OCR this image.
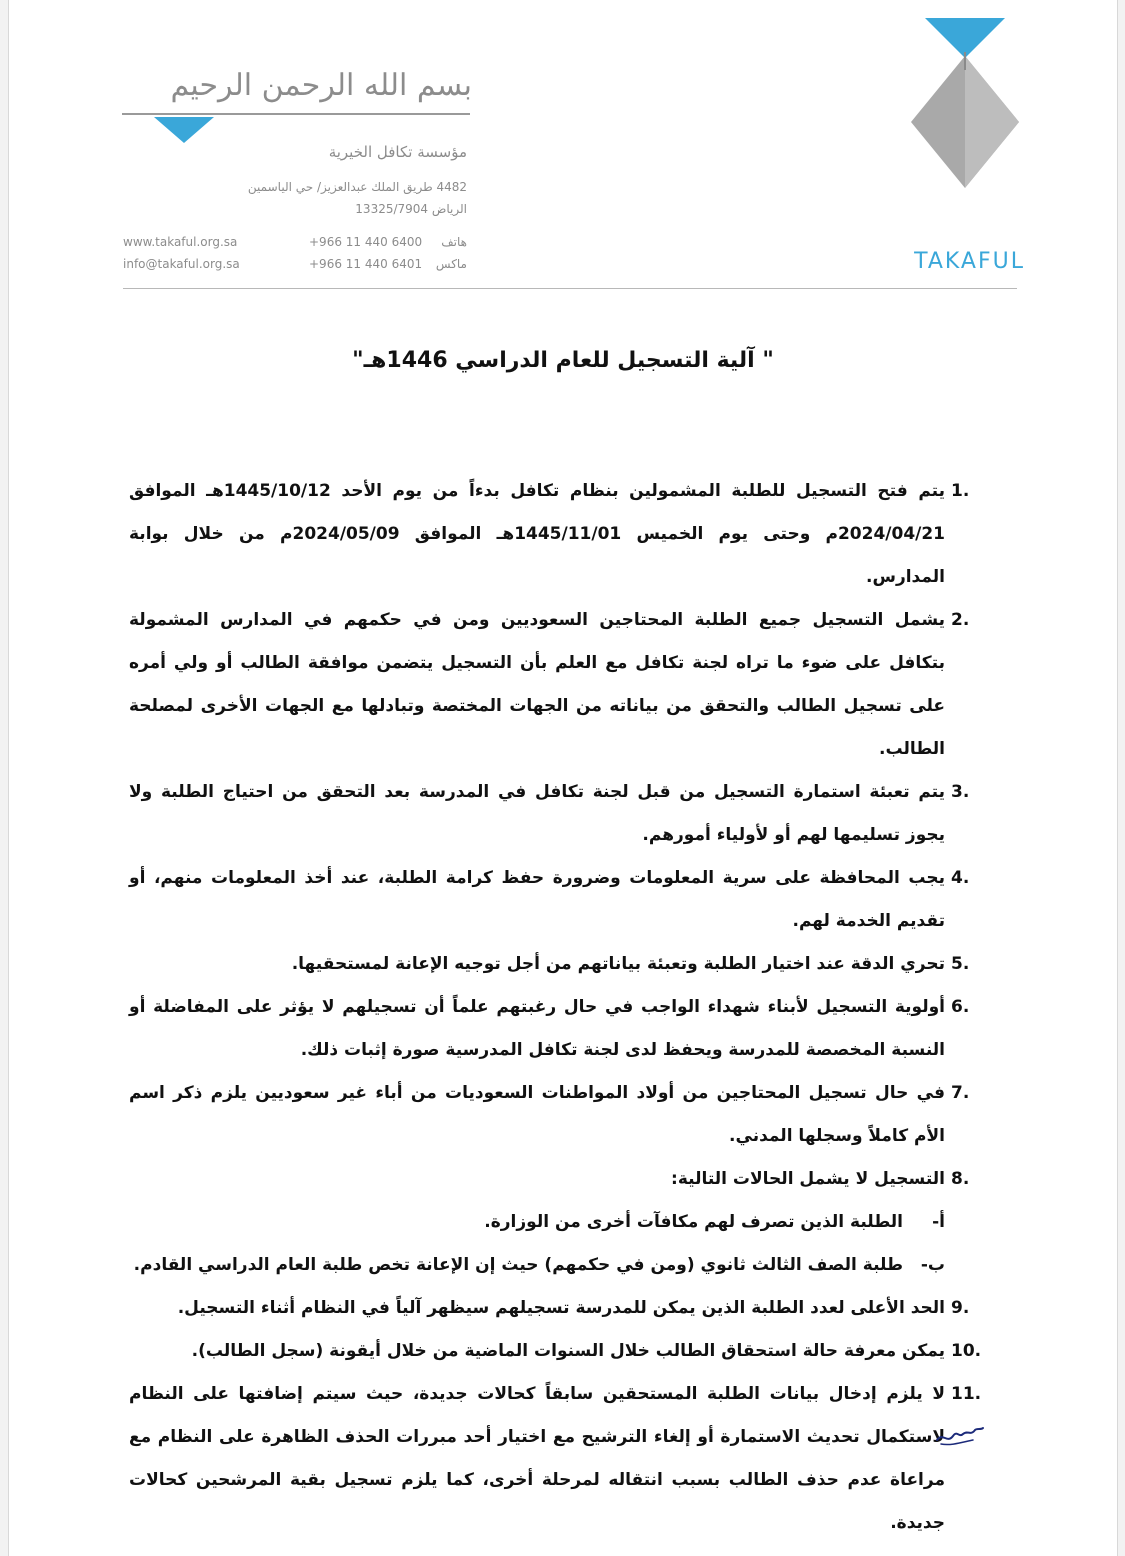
بسم الله الرحمن الرحيم
مؤسسة تكافل الخيرية
4482 طريق الملك عبدالعزيز/ حي الياسمين
الرياض 13325/7904
هاتف
+966 11 440 6400
www.takaful.org.sa
ماكس
+966 11 440 6401
info@takaful.org.sa	TAKAFUL
" آلية التسجيل للعام الدراسي 1446هـ"

1.
يتم فتح التسجيل للطلبة المشمولين بنظام تكافل بدءاً من يوم الأحد 1445/10/12هـ الموافق 2024/04/21م وحتى يوم الخميس 1445/11/01هـ الموافق 2024/05/09م من خلال بوابة المدارس.

2.
يشمل التسجيل جميع الطلبة المحتاجين السعوديين ومن في حكمهم في المدارس المشمولة بتكافل على ضوء ما تراه لجنة تكافل مع العلم بأن التسجيل يتضمن موافقة الطالب أو ولي أمره على تسجيل الطالب والتحقق من بياناته من الجهات المختصة وتبادلها مع الجهات الأخرى لمصلحة الطالب.

3.
يتم تعبئة استمارة التسجيل من قبل لجنة تكافل في المدرسة بعد التحقق من احتياج الطلبة ولا يجوز تسليمها لهم أو لأولياء أمورهم.

4.
يجب المحافظة على سرية المعلومات وضرورة حفظ كرامة الطلبة، عند أخذ المعلومات منهم، أو تقديم الخدمة لهم.

5.
تحري الدقة عند اختيار الطلبة وتعبئة بياناتهم من أجل توجيه الإعانة لمستحقيها.

6.
أولوية التسجيل لأبناء شهداء الواجب في حال رغبتهم علماً أن تسجيلهم لا يؤثر على المفاضلة أو النسبة المخصصة للمدرسة ويحفظ لدى لجنة تكافل المدرسية صورة إثبات ذلك.

7.
في حال تسجيل المحتاجين من أولاد المواطنات السعوديات من أباء غير سعوديين يلزم ذكر اسم الأم كاملاً وسجلها المدني.

8.
التسجيل لا يشمل الحالات التالية:

أ-
الطلبة الذين تصرف لهم مكافآت أخرى من الوزارة.

ب-
طلبة الصف الثالث ثانوي (ومن في حكمهم) حيث إن الإعانة تخص طلبة العام الدراسي القادم.

9.
الحد الأعلى لعدد الطلبة الذين يمكن للمدرسة تسجيلهم سيظهر آلياً في النظام أثناء التسجيل.

10.
يمكن معرفة حالة استحقاق الطالب خلال السنوات الماضية من خلال أيقونة (سجل الطالب).

11.
لا يلزم إدخال بيانات الطلبة المستحقين سابقاً كحالات جديدة، حيث سيتم إضافتها على النظام لاستكمال تحديث الاستمارة أو إلغاء الترشيح مع اختيار أحد مبررات الحذف الظاهرة على النظام مع مراعاة عدم حذف الطالب بسبب انتقاله لمرحلة أخرى، كما يلزم تسجيل بقية المرشحين كحالات جديدة.
